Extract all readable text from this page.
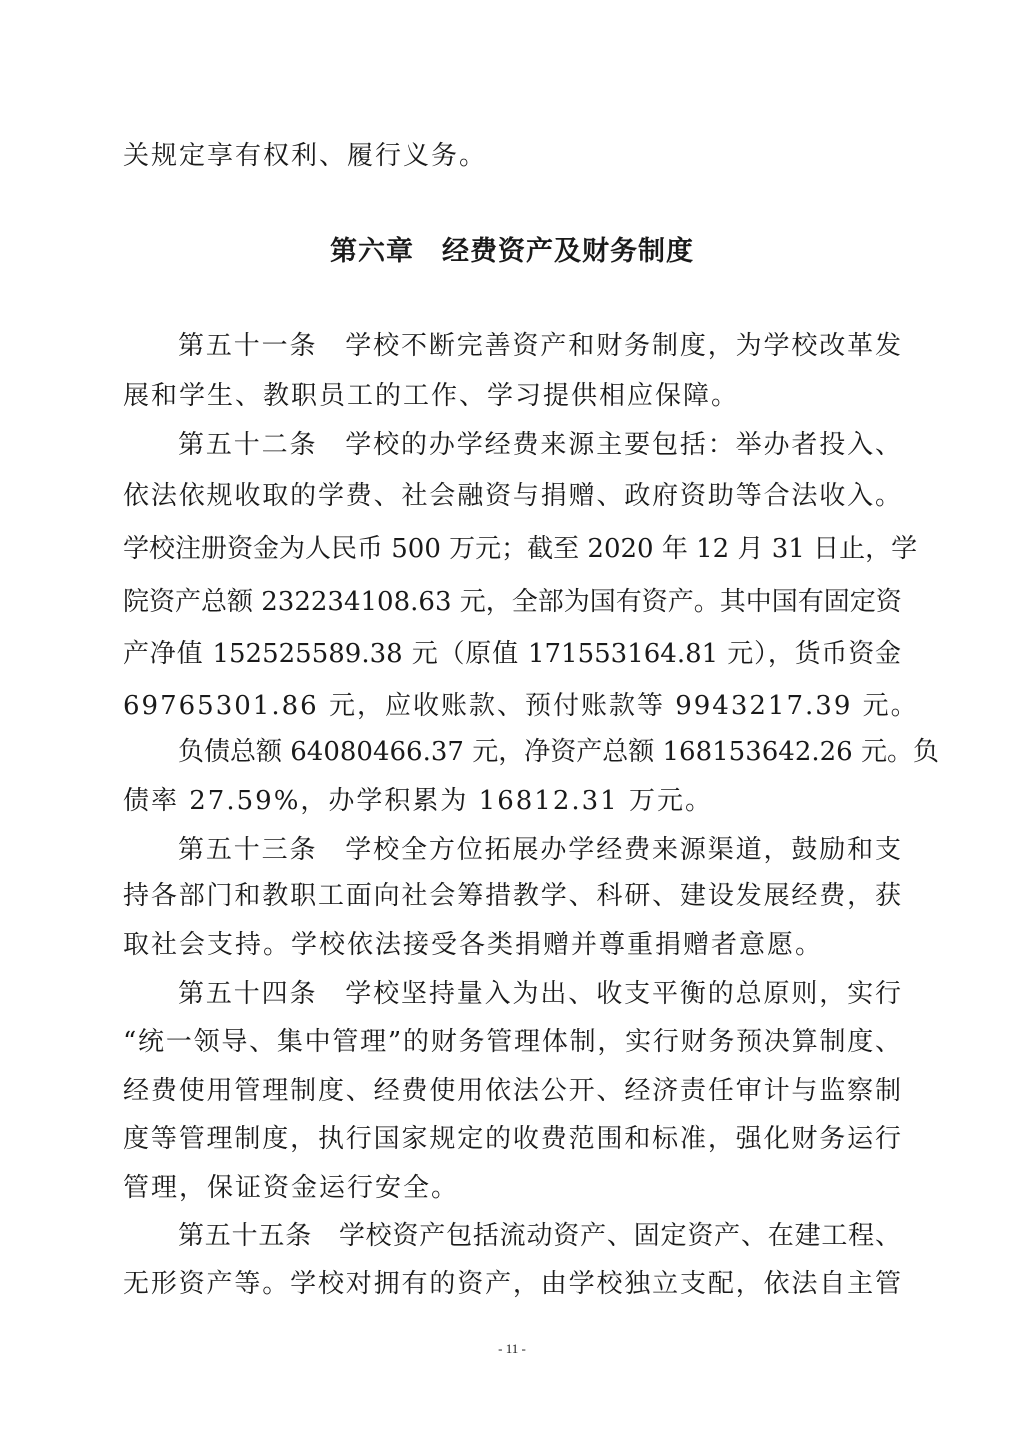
关规定享有权利、履行义务。
第六章　经费资产及财务制度
第五十一条　学校不断完善资产和财务制度，为学校改革发
展和学生、教职员工的工作、学习提供相应保障。
第五十二条　学校的办学经费来源主要包括：举办者投入、
依法依规收取的学费、社会融资与捐赠、政府资助等合法收入。
学校注册资金为人民币 500 万元；截至 2020 年 12 月 31 日止，学
院资产总额 232234108.63 元，全部为国有资产。其中国有固定资
产净值 152525589.38 元（原值 171553164.81 元），货币资金
69765301.86 元，应收账款、预付账款等 9943217.39 元。
负债总额 64080466.37 元，净资产总额 168153642.26 元。负
债率 27.59%，办学积累为 16812.31 万元。
第五十三条　学校全方位拓展办学经费来源渠道，鼓励和支
持各部门和教职工面向社会筹措教学、科研、建设发展经费，获
取社会支持。学校依法接受各类捐赠并尊重捐赠者意愿。
第五十四条　学校坚持量入为出、收支平衡的总原则，实行
“统一领导、集中管理”的财务管理体制，实行财务预决算制度、
经费使用管理制度、经费使用依法公开、经济责任审计与监察制
度等管理制度，执行国家规定的收费范围和标准，强化财务运行
管理，保证资金运行安全。
第五十五条　学校资产包括流动资产、固定资产、在建工程、
无形资产等。学校对拥有的资产，由学校独立支配，依法自主管
- 11 -
